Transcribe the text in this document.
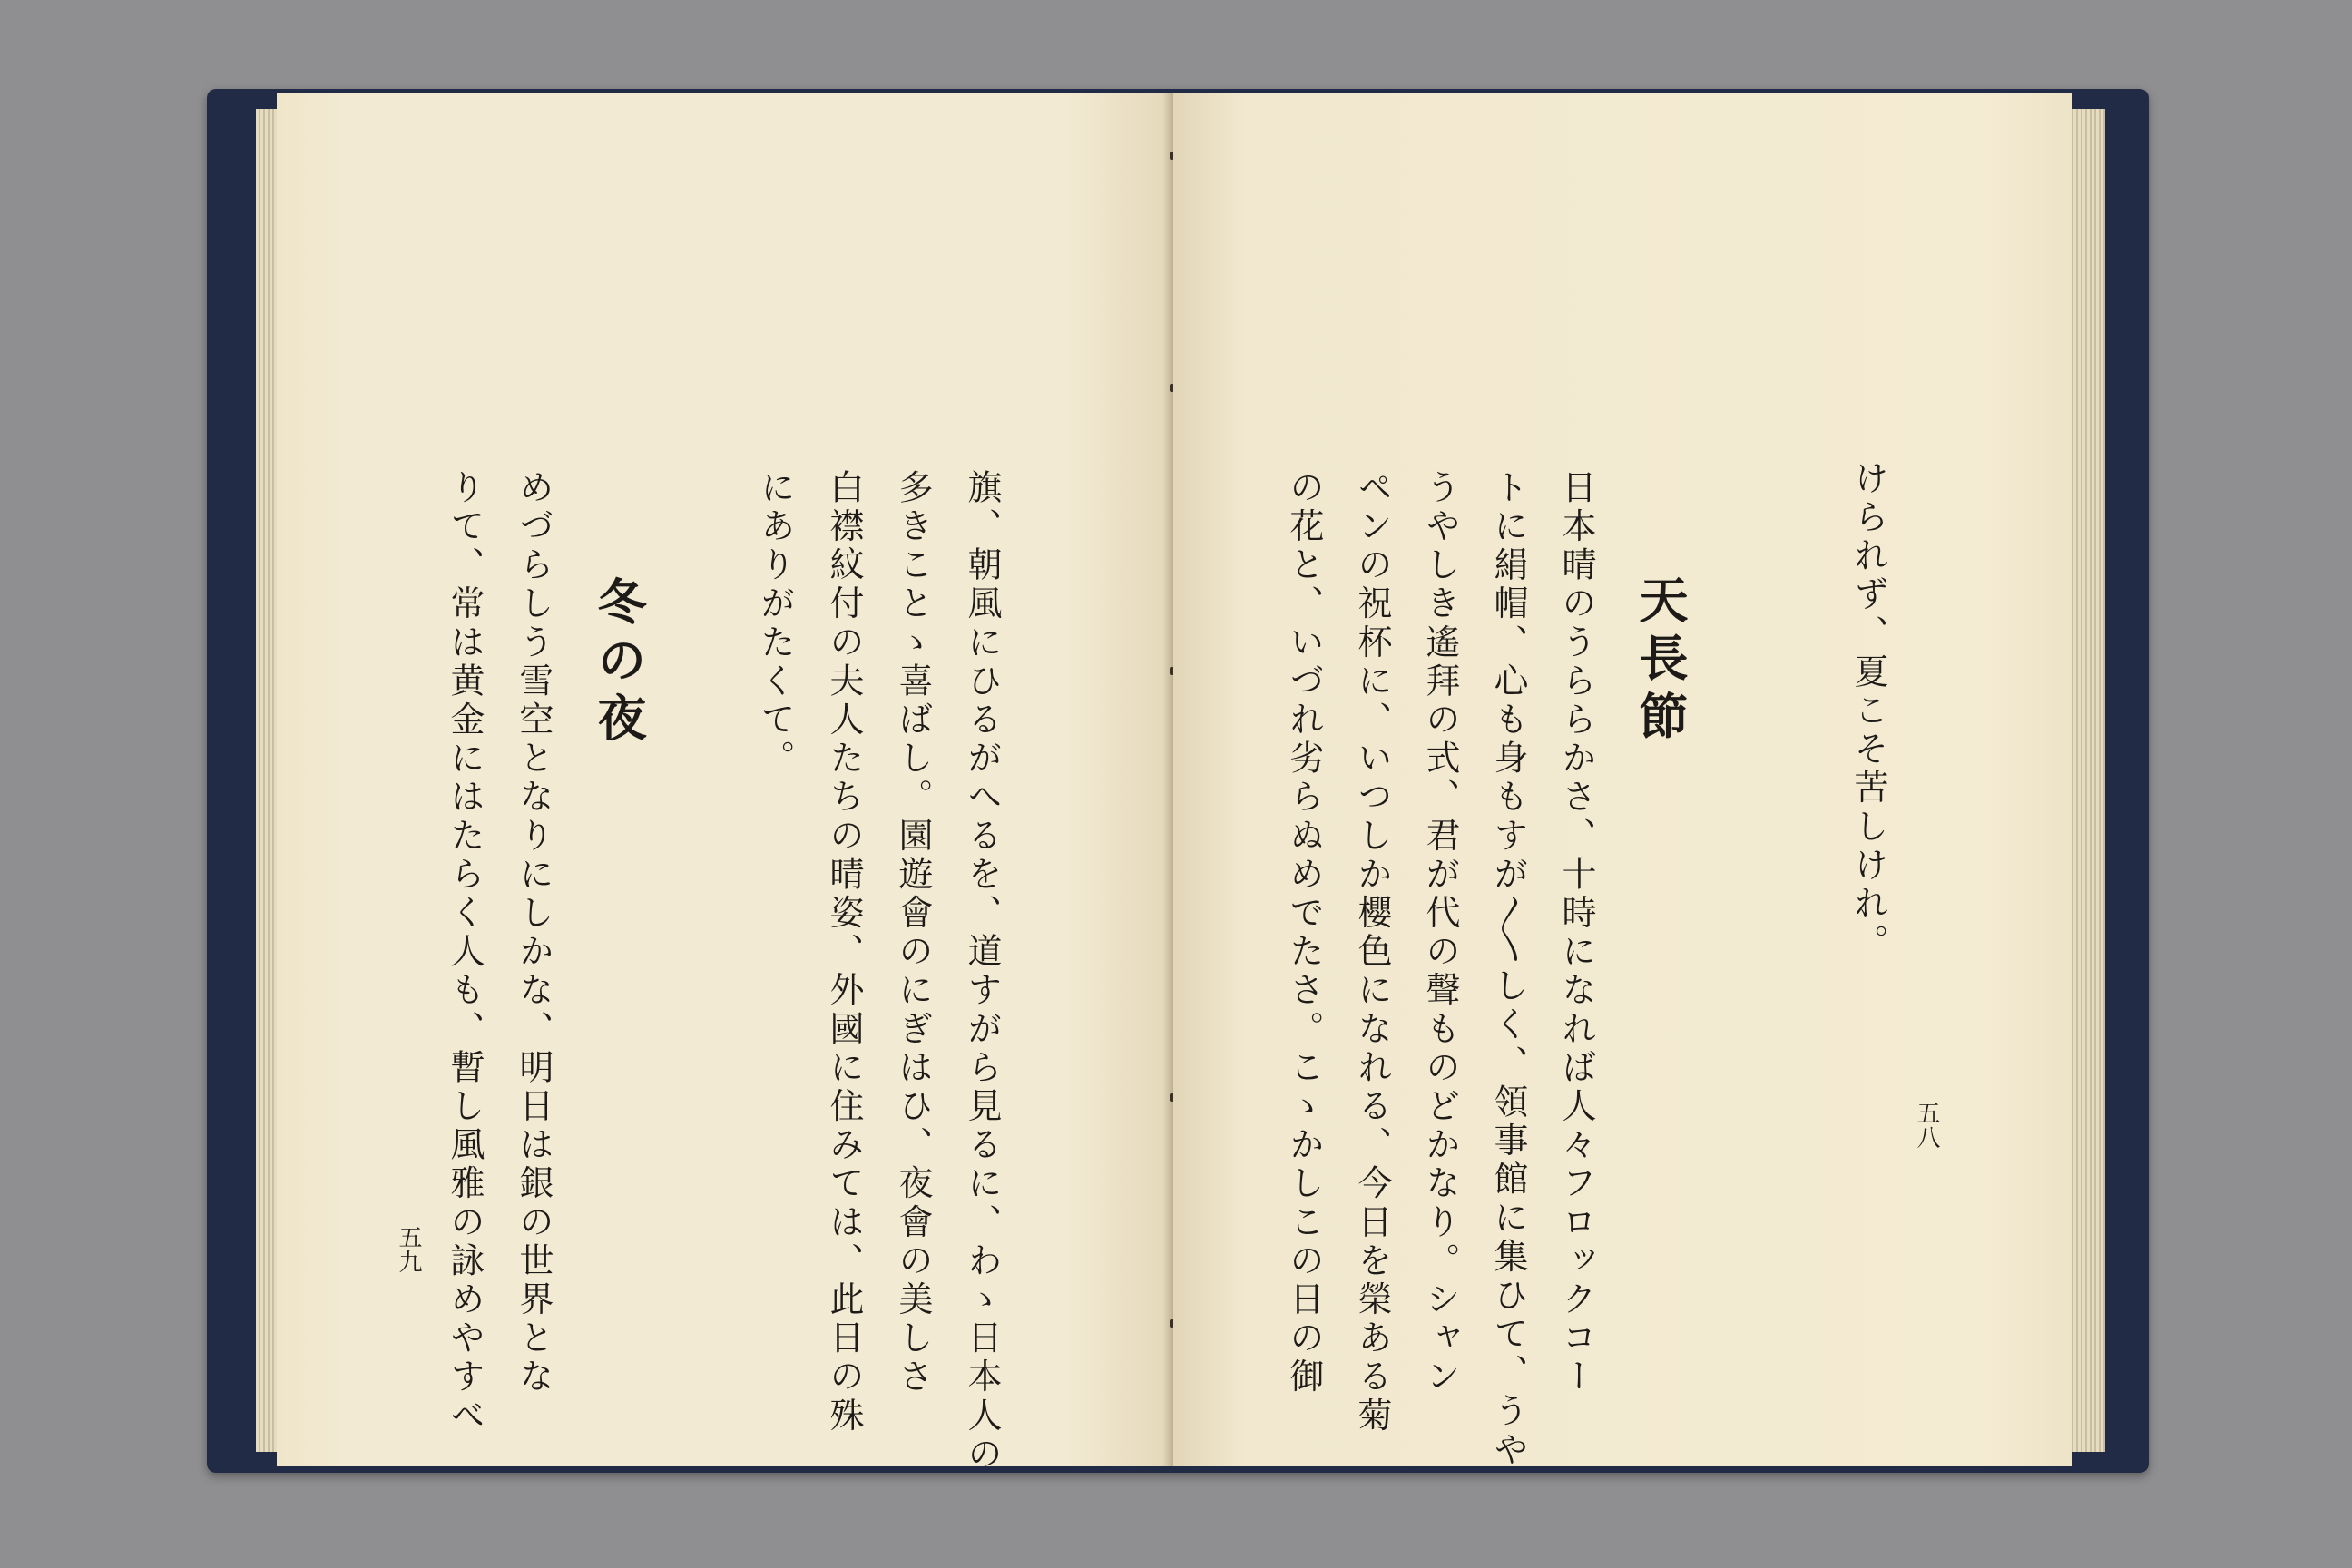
旗、朝風にひるがへるを、道すがら見るに、わゝ日本人の

多きことゝ喜ばし。園遊會のにぎはひ、夜會の美しさ

白襟紋付の夫人たちの晴姿、外國に住みては、此日の殊

にありがたくて。

冬の夜

めづらしう雪空となりにしかな、明日は銀の世界とな

りて、常は黄金にはたらく人も、暫し風雅の詠めやすべ

五九

けられず、夏こそ苦しけれ。

天長節

日本晴のうららかさ、十時になれば人々フロックコー

トに絹帽、心も身もすが〱しく、領事館に集ひて、うや

うやしき遙拜の式、君が代の聲ものどかなり。シャン

ペンの祝杯に、いつしか櫻色になれる、今日を榮ある菊

の花と、いづれ劣らぬめでたさ。こゝかしこの日の御	五八
